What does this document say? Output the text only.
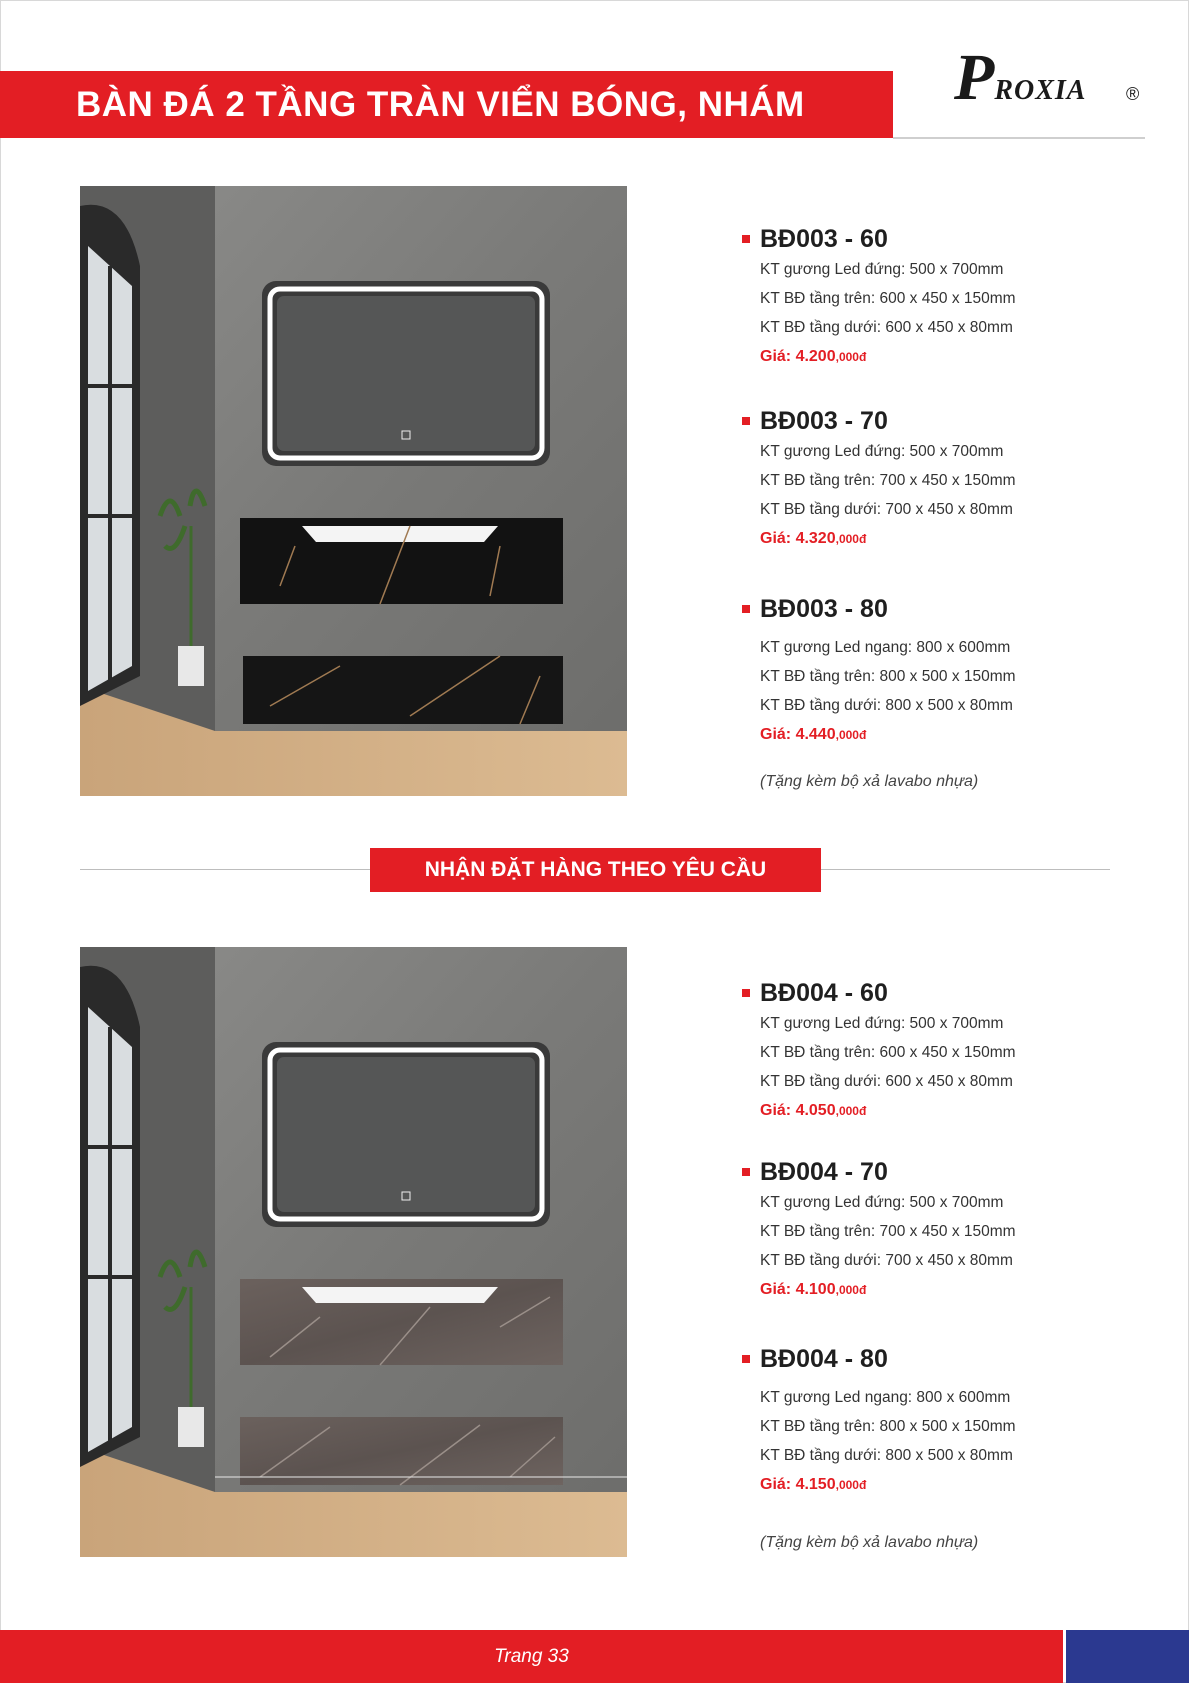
BÀN ĐÁ 2 TẦNG TRÀN VIỂN BÓNG, NHÁM PROXIA ®
BĐ003 - 60
KT gương Led đứng: 500 x 700mm
KT BĐ tầng trên: 600 x 450 x 150mm
KT BĐ tầng dưới: 600 x 450 x 80mm
Giá: 4.200,000đ
BĐ003 - 70
KT gương Led đứng: 500 x 700mm
KT BĐ tầng trên: 700 x 450 x 150mm
KT BĐ tầng dưới: 700 x 450 x 80mm
Giá: 4.320,000đ
BĐ003 - 80
KT gương Led ngang: 800 x 600mm
KT BĐ tầng trên: 800 x 500 x 150mm
KT BĐ tầng dưới: 800 x 500 x 80mm
Giá: 4.440,000đ
(Tặng kèm bộ xả lavabo nhựa)
NHẬN ĐẶT HÀNG THEO YÊU CẦU
BĐ004 - 60
KT gương Led đứng: 500 x 700mm
KT BĐ tầng trên: 600 x 450 x 150mm
KT BĐ tầng dưới: 600 x 450 x 80mm
Giá: 4.050,000đ
BĐ004 - 70
KT gương Led đứng: 500 x 700mm
KT BĐ tầng trên: 700 x 450 x 150mm
KT BĐ tầng dưới: 700 x 450 x 80mm
Giá: 4.100,000đ
BĐ004 - 80
KT gương Led ngang: 800 x 600mm
KT BĐ tầng trên: 800 x 500 x 150mm
KT BĐ tầng dưới: 800 x 500 x 80mm
Giá: 4.150,000đ
(Tặng kèm bộ xả lavabo nhựa)
Trang 33
